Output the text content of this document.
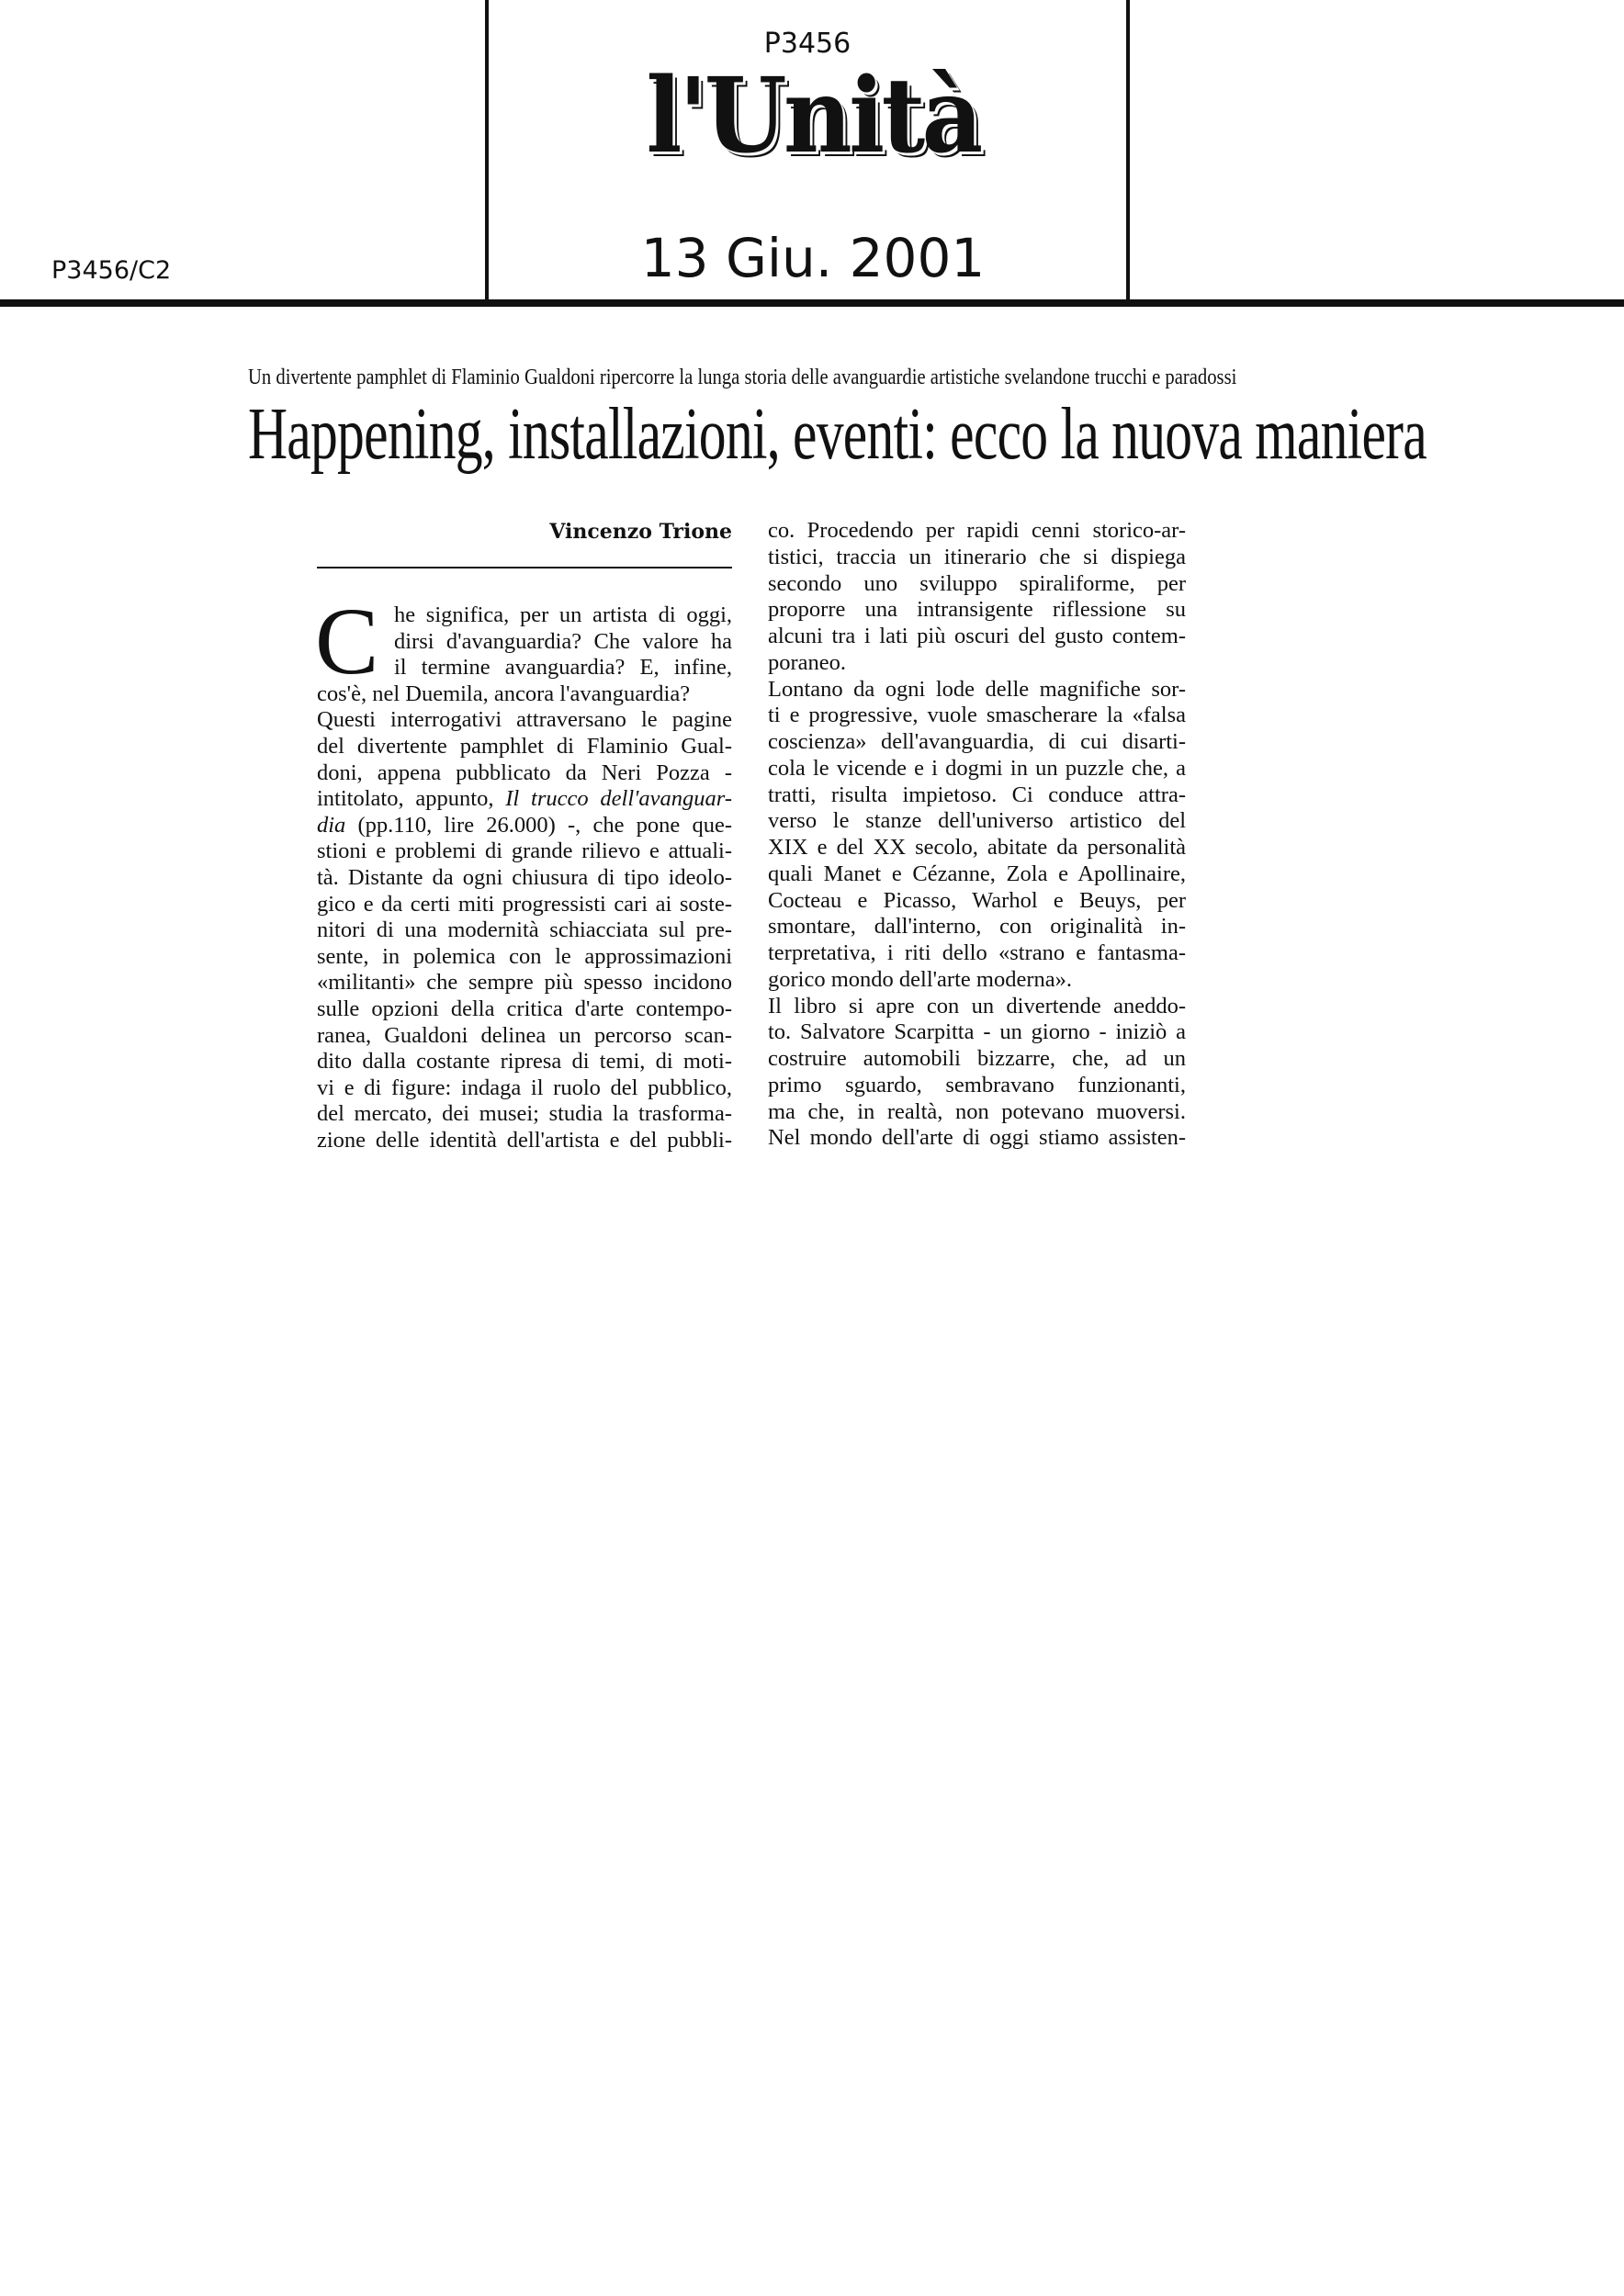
P3456
l'Unità
13 Giu. 2001
P3456/C2
Un divertente pamphlet di Flaminio Gualdoni ripercorre la lunga storia delle avanguardie artistiche svelandone trucchi e paradossi
Happening, installazioni, eventi: ecco la nuova maniera
Vincenzo Trione
C he significa, per un artista di oggi,
dirsi d'avanguardia? Che valore ha
il termine avanguardia? E, infine,
cos'è, nel Duemila, ancora l'avanguardia?
Questi interrogativi attraversano le pagine
del divertente pamphlet di Flaminio Gual-
doni, appena pubblicato da Neri Pozza -
intitolato, appunto, Il trucco dell'avanguar-
dia (pp.110, lire 26.000) -, che pone que-
stioni e problemi di grande rilievo e attuali-
tà. Distante da ogni chiusura di tipo ideolo-
gico e da certi miti progressisti cari ai soste-
nitori di una modernità schiacciata sul pre-
sente, in polemica con le approssimazioni
«militanti» che sempre più spesso incidono
sulle opzioni della critica d'arte contempo-
ranea, Gualdoni delinea un percorso scan-
dito dalla costante ripresa di temi, di moti-
vi e di figure: indaga il ruolo del pubblico,
del mercato, dei musei; studia la trasforma-
zione delle identità dell'artista e del pubbli-
co. Procedendo per rapidi cenni storico-ar-
tistici, traccia un itinerario che si dispiega
secondo uno sviluppo spiraliforme, per
proporre una intransigente riflessione su
alcuni tra i lati più oscuri del gusto contem-
poraneo.
Lontano da ogni lode delle magnifiche sor-
ti e progressive, vuole smascherare la «falsa
coscienza» dell'avanguardia, di cui disarti-
cola le vicende e i dogmi in un puzzle che, a
tratti, risulta impietoso. Ci conduce attra-
verso le stanze dell'universo artistico del
XIX e del XX secolo, abitate da personalità
quali Manet e Cézanne, Zola e Apollinaire,
Cocteau e Picasso, Warhol e Beuys, per
smontare, dall'interno, con originalità in-
terpretativa, i riti dello «strano e fantasma-
gorico mondo dell'arte moderna».
Il libro si apre con un divertende aneddo-
to. Salvatore Scarpitta - un giorno - iniziò a
costruire automobili bizzarre, che, ad un
primo sguardo, sembravano funzionanti,
ma che, in realtà, non potevano muoversi.
Nel mondo dell'arte di oggi stiamo assisten-
